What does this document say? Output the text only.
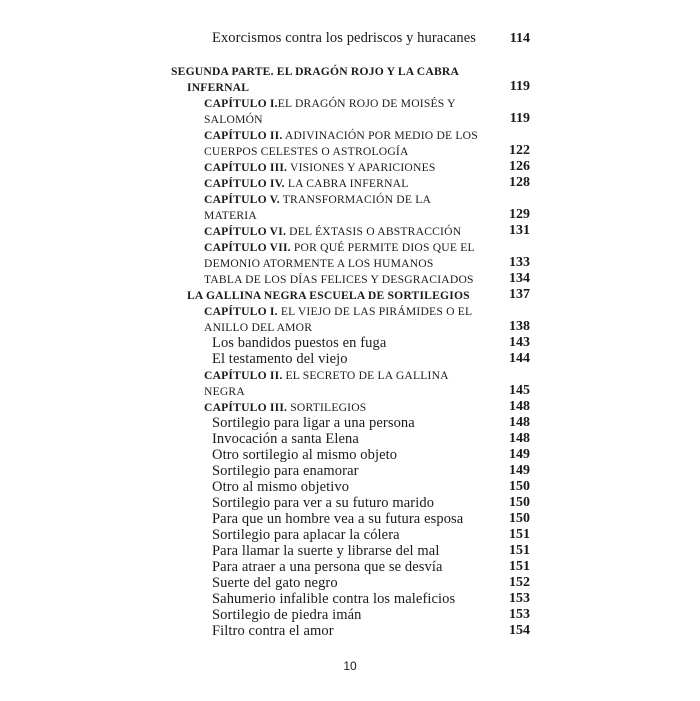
Exorcismos contra los pedriscos y huracanes	114
SEGUNDA PARTE. EL DRAGÓN ROJO Y LA CABRA
INFERNAL	119
CAPÍTULO I.EL DRAGÓN ROJO DE MOISÉS Y
SALOMÓN	119
CAPÍTULO II. ADIVINACIÓN POR MEDIO DE LOS
CUERPOS CELESTES O ASTROLOGÍA	122
CAPÍTULO III. VISIONES Y APARICIONES	126
CAPÍTULO IV. LA CABRA INFERNAL	128
CAPÍTULO V. TRANSFORMACIÓN DE LA
MATERIA	129
CAPÍTULO VI. DEL ÉXTASIS O ABSTRACCIÓN	131
CAPÍTULO VII. POR QUÉ PERMITE DIOS QUE EL
DEMONIO ATORMENTE A LOS HUMANOS	133
TABLA DE LOS DÍAS FELICES Y DESGRACIADOS	134
LA GALLINA NEGRA ESCUELA DE SORTILEGIOS	137
CAPÍTULO I. EL VIEJO DE LAS PIRÁMIDES O EL
ANILLO DEL AMOR	138
Los bandidos puestos en fuga	143
El testamento del viejo	144
CAPÍTULO II. EL SECRETO DE LA GALLINA
NEGRA	145
CAPÍTULO III. SORTILEGIOS	148
Sortilegio para ligar a una persona	148
Invocación a santa Elena	148
Otro sortilegio al mismo objeto	149
Sortilegio para enamorar	149
Otro al mismo objetivo	150
Sortilegio para ver a su futuro marido	150
Para que un hombre vea a su futura esposa	150
Sortilegio para aplacar la cólera	151
Para llamar la suerte y librarse del mal	151
Para atraer a una persona que se desvía	151
Suerte del gato negro	152
Sahumerio infalible contra los maleficios	153
Sortilegio de piedra imán	153
Filtro contra el amor	154
10
